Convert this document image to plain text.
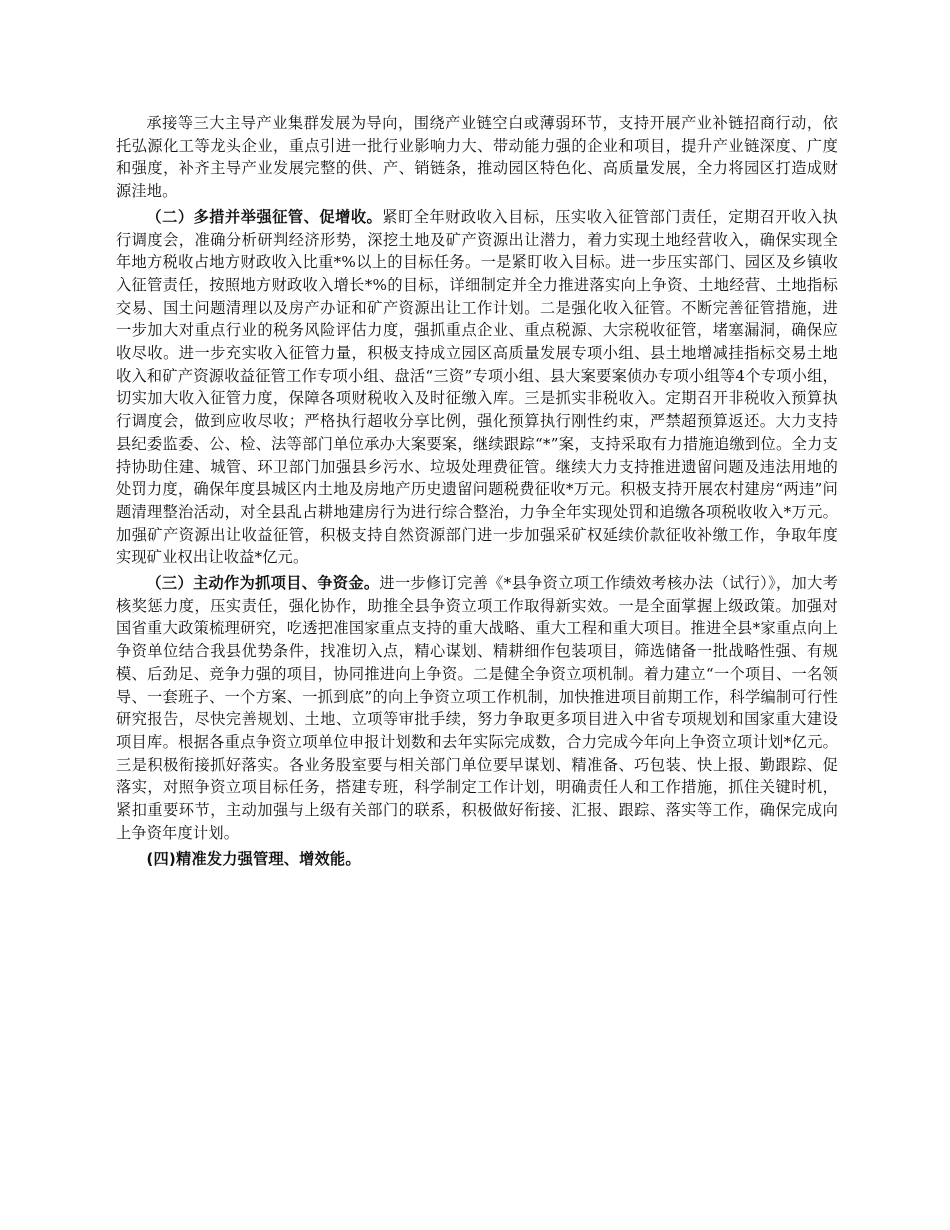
承接等三大主导产业集群发展为导向，围绕产业链空白或薄弱环节，支持开展产业补链招商行动，依托弘源化工等龙头企业，重点引进一批行业影响力大、带动能力强的企业和项目，提升产业链深度、广度和强度，补齐主导产业发展完整的供、产、销链条，推动园区特色化、高质量发展，全力将园区打造成财源洼地。

（二）多措并举强征管、促增收。紧盯全年财政收入目标，压实收入征管部门责任，定期召开收入执行调度会，准确分析研判经济形势，深挖土地及矿产资源出让潜力，着力实现土地经营收入，确保实现全年地方税收占地方财政收入比重*%以上的目标任务。一是紧盯收入目标。进一步压实部门、园区及乡镇收入征管责任，按照地方财政收入增长*%的目标，详细制定并全力推进落实向上争资、土地经营、土地指标交易、国土问题清理以及房产办证和矿产资源出让工作计划。二是强化收入征管。不断完善征管措施，进一步加大对重点行业的税务风险评估力度，强抓重点企业、重点税源、大宗税收征管，堵塞漏洞，确保应收尽收。进一步充实收入征管力量，积极支持成立园区高质量发展专项小组、县土地增减挂指标交易土地收入和矿产资源收益征管工作专项小组、盘活“三资”专项小组、县大案要案侦办专项小组等4个专项小组，切实加大收入征管力度，保障各项财税收入及时征缴入库。三是抓实非税收入。定期召开非税收入预算执行调度会，做到应收尽收；严格执行超收分享比例，强化预算执行刚性约束，严禁超预算返还。大力支持县纪委监委、公、检、法等部门单位承办大案要案，继续跟踪“*”案，支持采取有力措施追缴到位。全力支持协助住建、城管、环卫部门加强县乡污水、垃圾处理费征管。继续大力支持推进遗留问题及违法用地的处罚力度，确保年度县城区内土地及房地产历史遗留问题税费征收*万元。积极支持开展农村建房“两违”问题清理整治活动，对全县乱占耕地建房行为进行综合整治，力争全年实现处罚和追缴各项税收收入*万元。加强矿产资源出让收益征管，积极支持自然资源部门进一步加强采矿权延续价款征收补缴工作，争取年度实现矿业权出让收益*亿元。

（三）主动作为抓项目、争资金。进一步修订完善《*县争资立项工作绩效考核办法（试行）》，加大考核奖惩力度，压实责任，强化协作，助推全县争资立项工作取得新实效。一是全面掌握上级政策。加强对国省重大政策梳理研究，吃透把准国家重点支持的重大战略、重大工程和重大项目。推进全县*家重点向上争资单位结合我县优势条件，找准切入点，精心谋划、精耕细作包装项目，筛选储备一批战略性强、有规模、后劲足、竞争力强的项目，协同推进向上争资。二是健全争资立项机制。着力建立“一个项目、一名领导、一套班子、一个方案、一抓到底”的向上争资立项工作机制，加快推进项目前期工作，科学编制可行性研究报告，尽快完善规划、土地、立项等审批手续，努力争取更多项目进入中省专项规划和国家重大建设项目库。根据各重点争资立项单位申报计划数和去年实际完成数，合力完成今年向上争资立项计划*亿元。三是积极衔接抓好落实。各业务股室要与相关部门单位要早谋划、精准备、巧包装、快上报、勤跟踪、促落实，对照争资立项目标任务，搭建专班，科学制定工作计划，明确责任人和工作措施，抓住关键时机，紧扣重要环节，主动加强与上级有关部门的联系，积极做好衔接、汇报、跟踪、落实等工作，确保完成向上争资年度计划。

(四)精准发力强管理、增效能。
